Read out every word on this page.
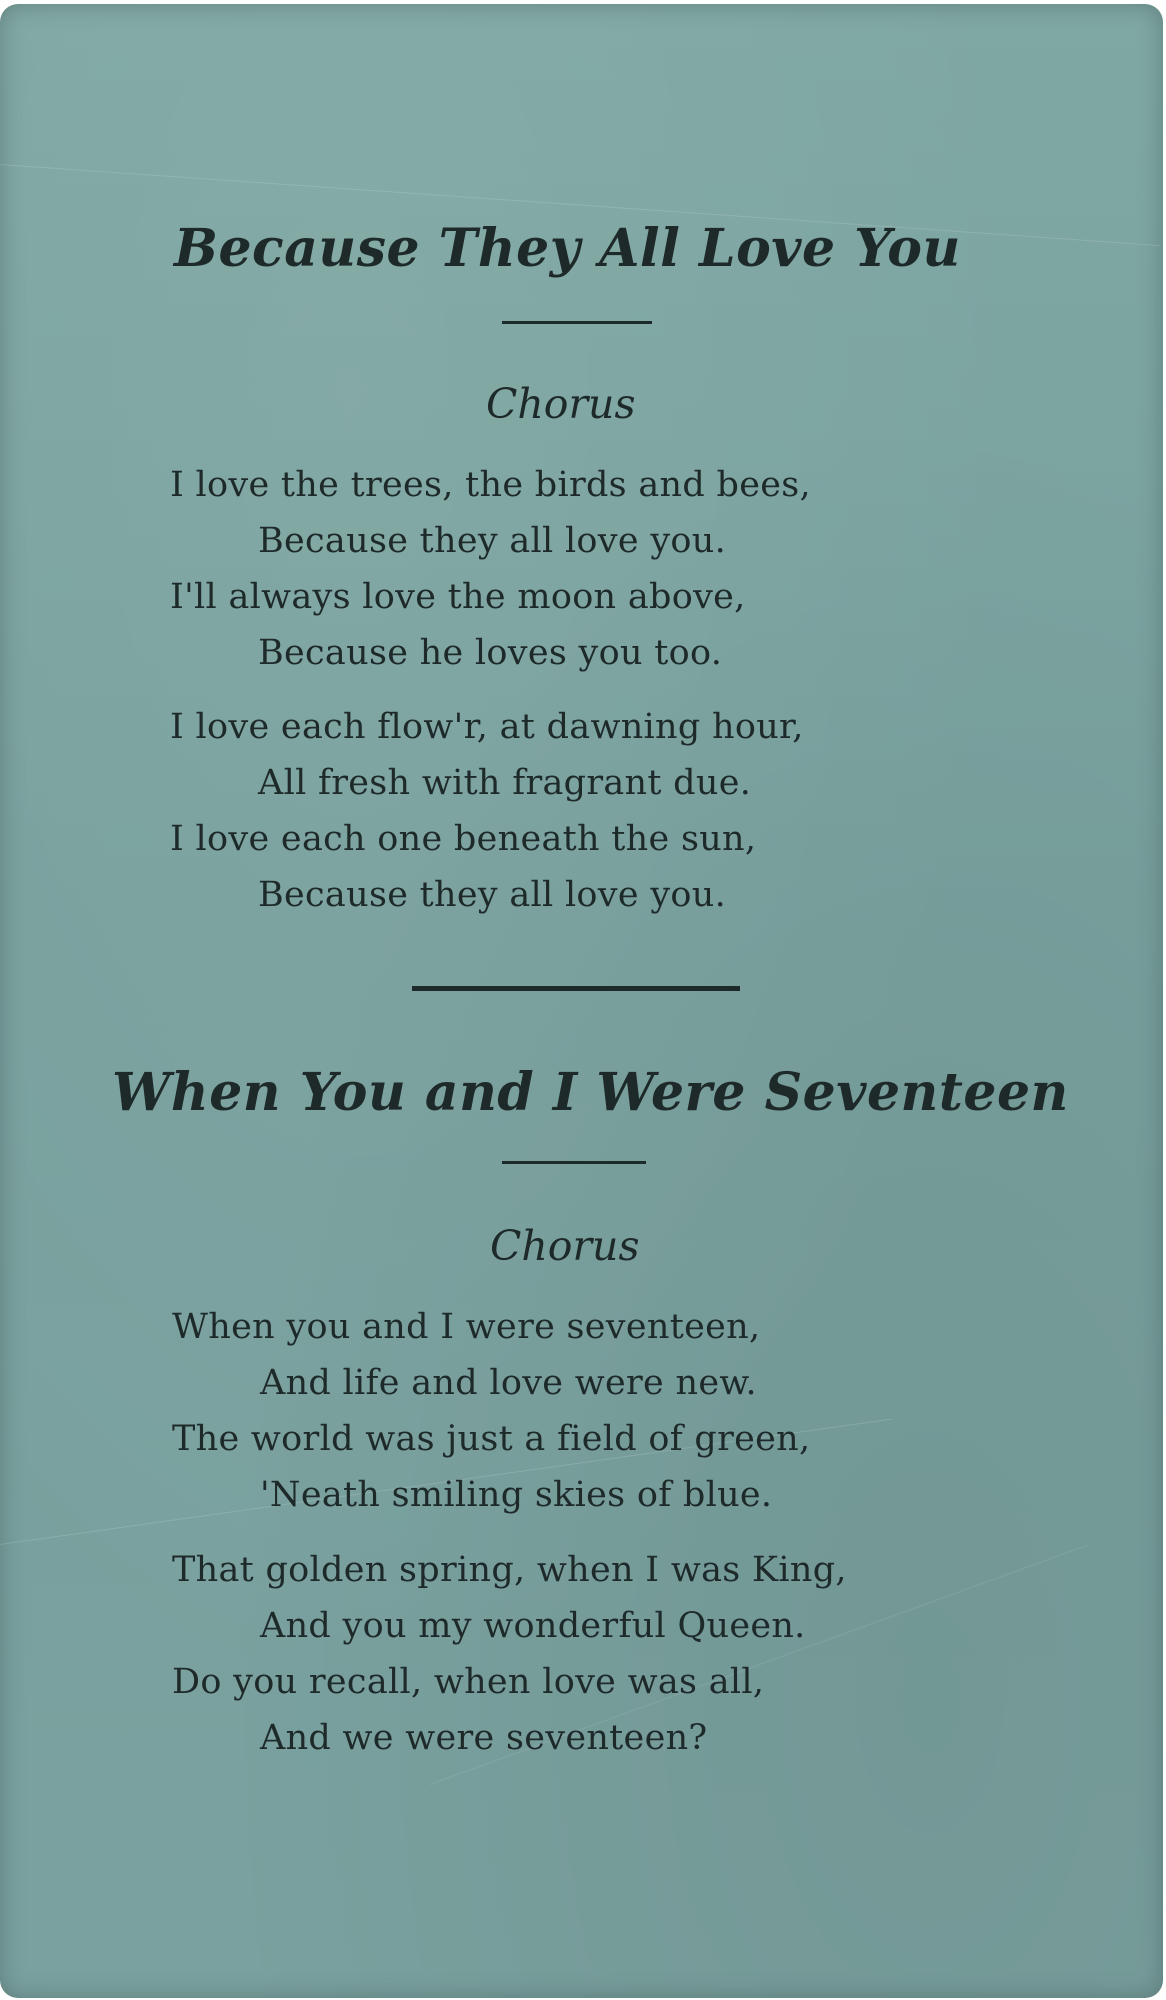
Because They All Love You
Chorus
I love the trees, the birds and bees,
Because they all love you.
I'll always love the moon above,
Because he loves you too.
I love each flow'r, at dawning hour,
All fresh with fragrant due.
I love each one beneath the sun,
Because they all love you.
When You and I Were Seventeen
Chorus
When you and I were seventeen,
And life and love were new.
The world was just a field of green,
'Neath smiling skies of blue.
That golden spring, when I was King,
And you my wonderful Queen.
Do you recall, when love was all,
And we were seventeen?
